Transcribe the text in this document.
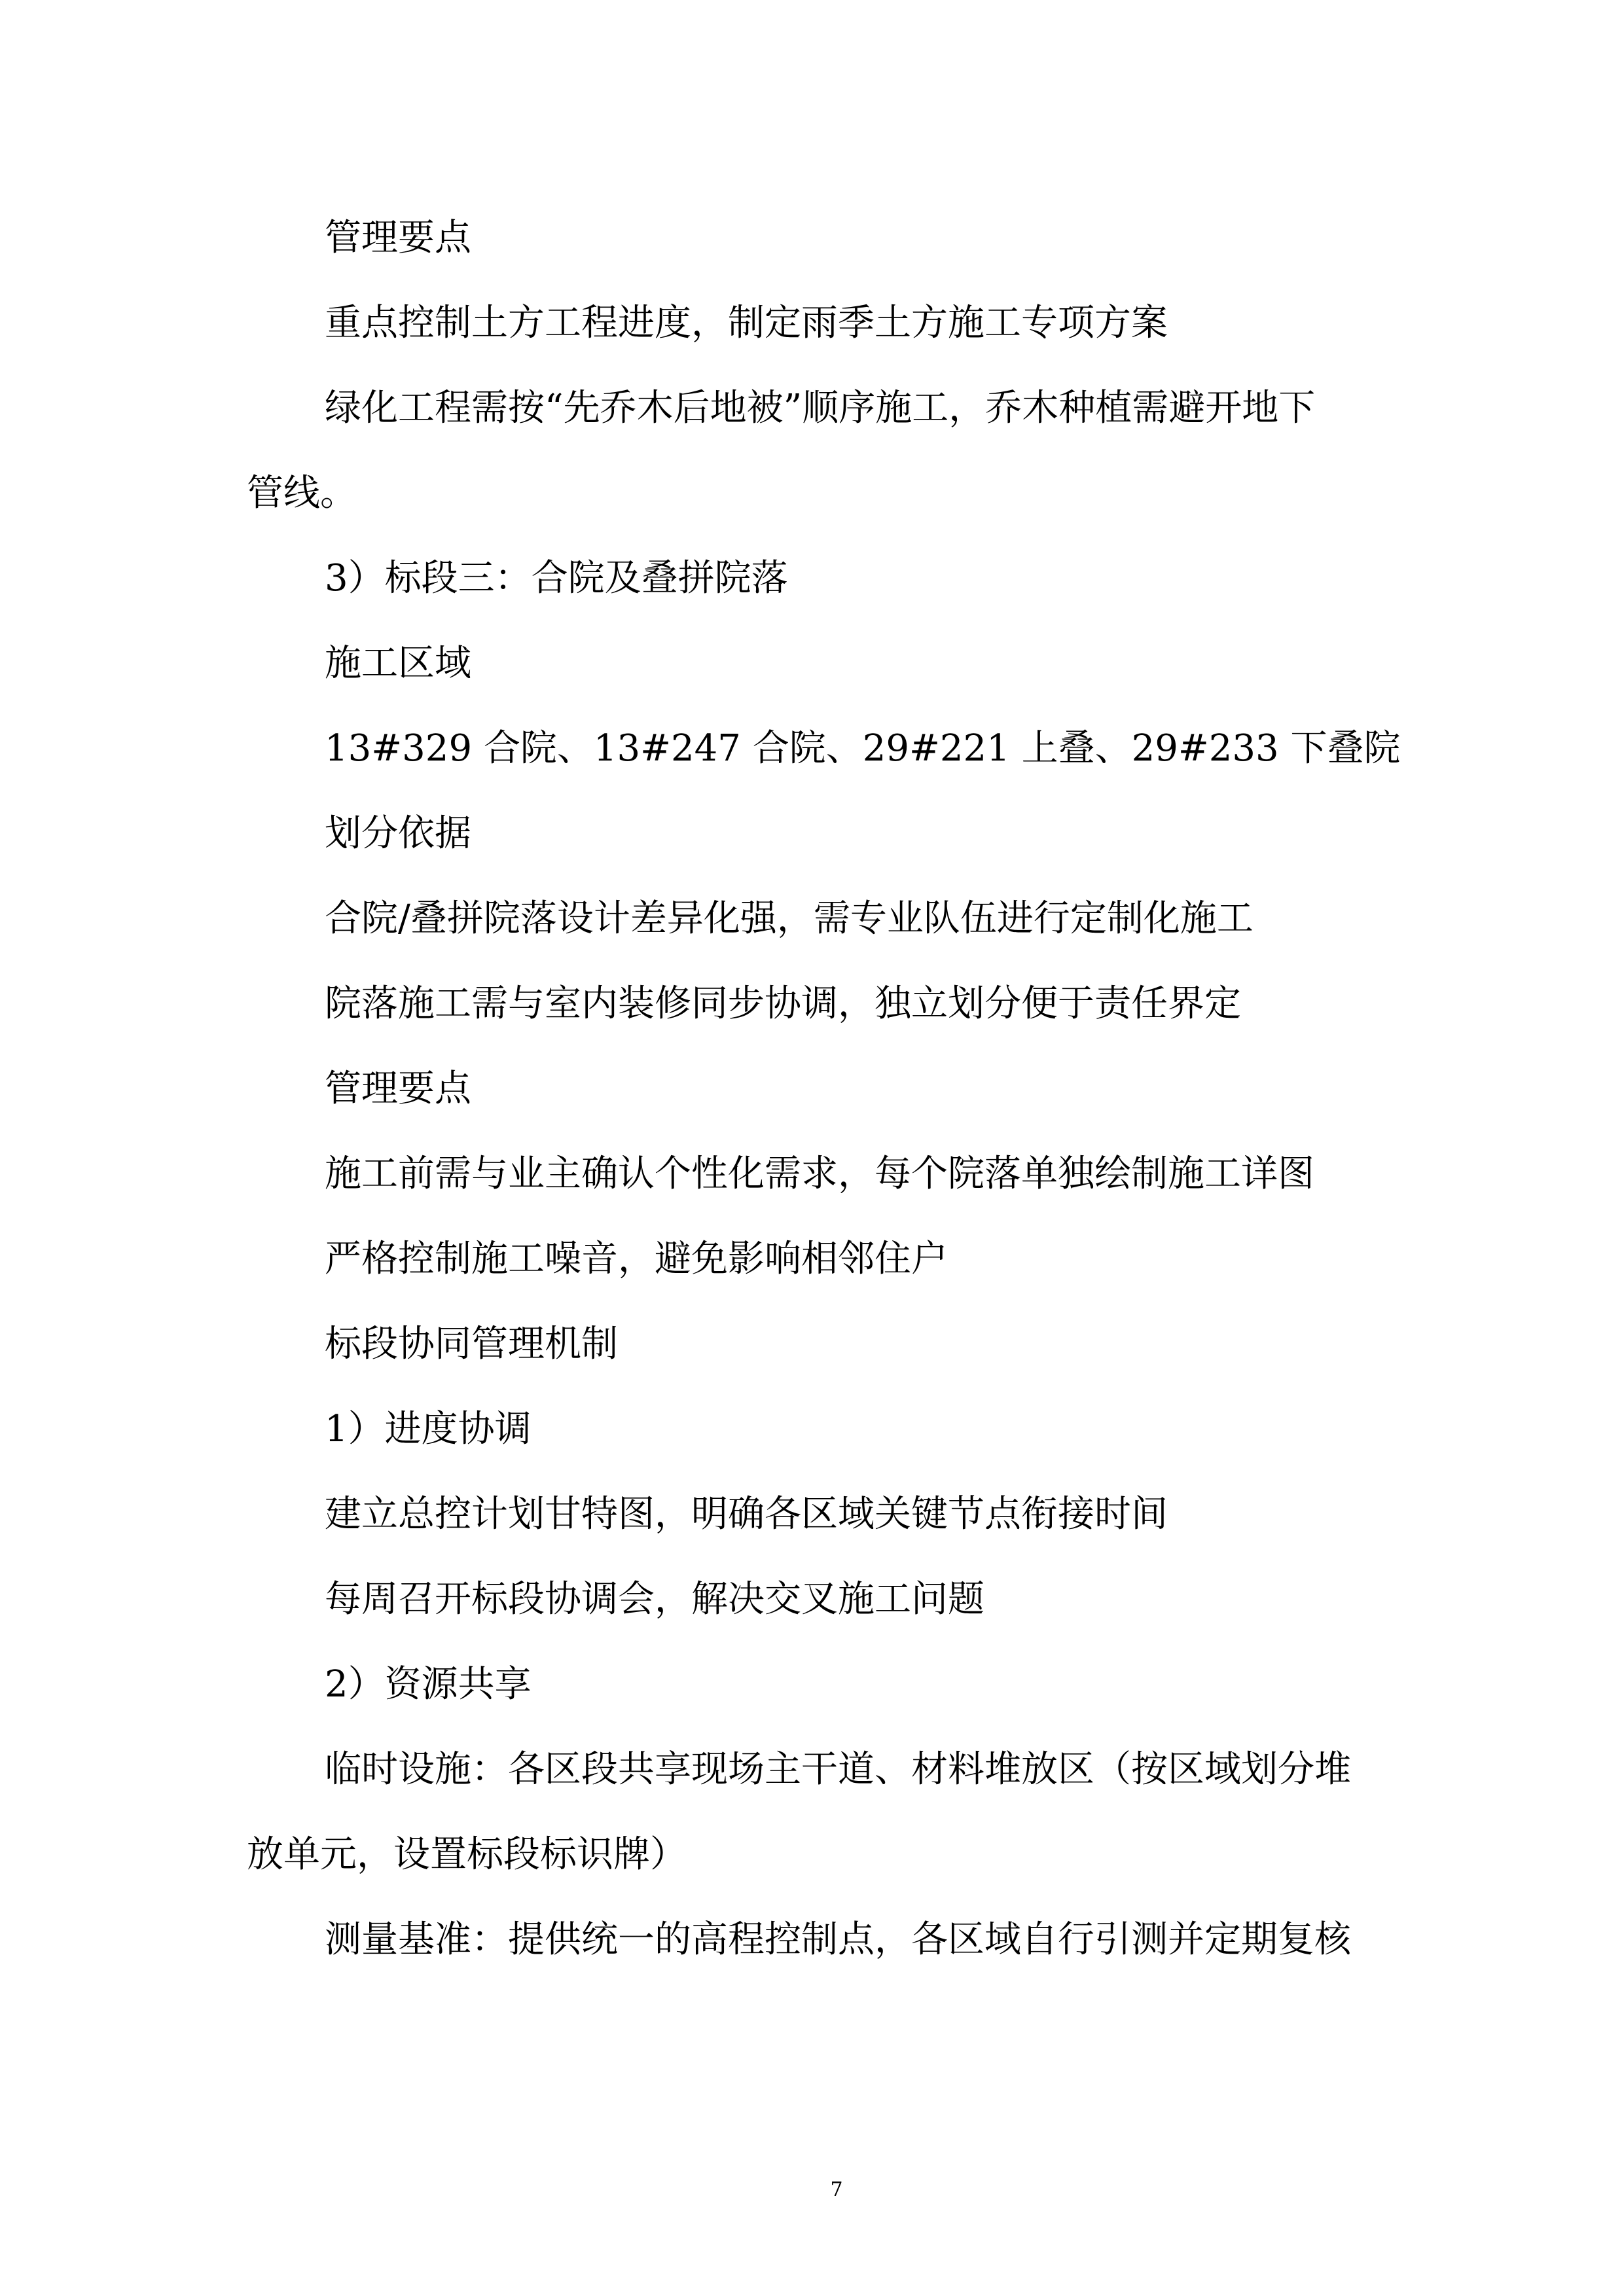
管理要点
重点控制土方工程进度，制定雨季土方施工专项方案
绿化工程需按“先乔木后地被”顺序施工，乔木种植需避开地下
管线。
3）标段三：合院及叠拼院落
施工区域
13#329 合院、13#247 合院、29#221 上叠、29#233 下叠院
划分依据
合院/叠拼院落设计差异化强，需专业队伍进行定制化施工
院落施工需与室内装修同步协调，独立划分便于责任界定
管理要点
施工前需与业主确认个性化需求，每个院落单独绘制施工详图
严格控制施工噪音，避免影响相邻住户
标段协同管理机制
1）进度协调
建立总控计划甘特图，明确各区域关键节点衔接时间
每周召开标段协调会，解决交叉施工问题
2）资源共享
临时设施：各区段共享现场主干道、材料堆放区（按区域划分堆
放单元，设置标段标识牌）
测量基准：提供统一的高程控制点，各区域自行引测并定期复核
7
